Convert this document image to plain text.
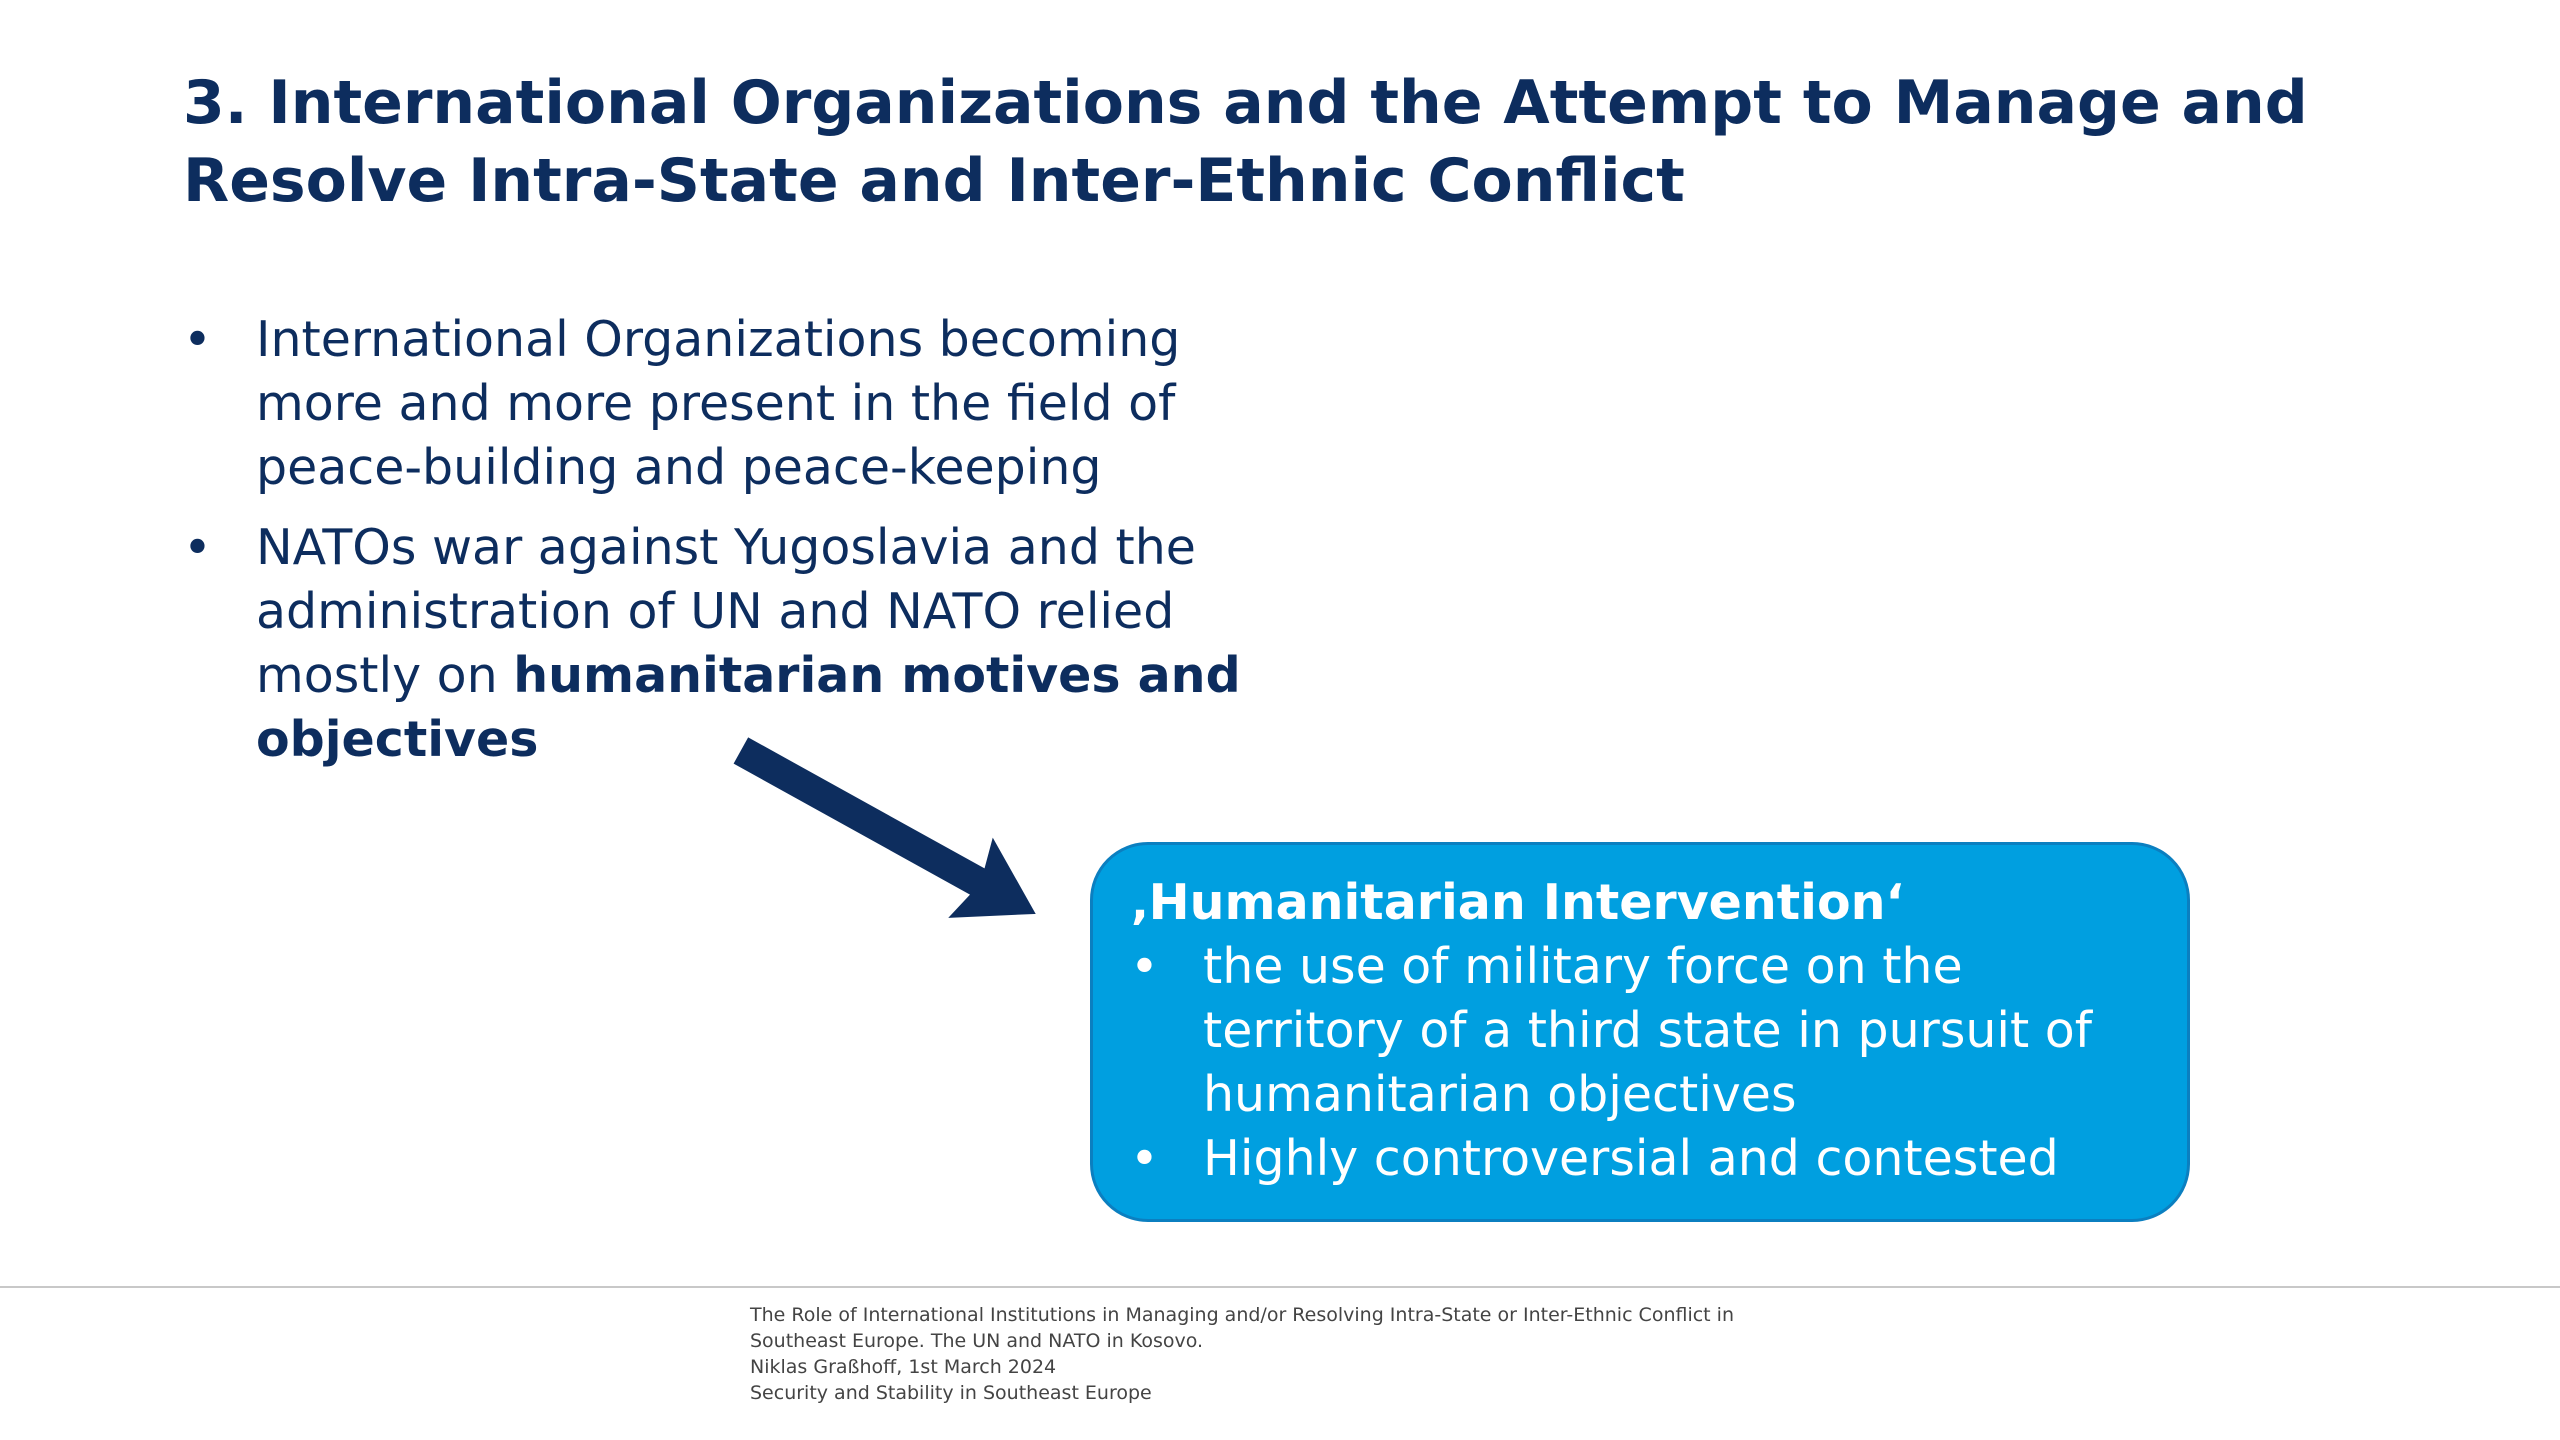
3. International Organizations and the Attempt to Manage and
Resolve Intra-State and Inter-Ethnic Conflict
• International Organizations becoming
more and more present in the field of
peace-building and peace-keeping
• NATOs war against Yugoslavia and the
administration of UN and NATO relied
mostly on humanitarian motives and
objectives
‚Humanitarian Intervention‘
• the use of military force on the
territory of a third state in pursuit of
humanitarian objectives
• Highly controversial and contested
The Role of International Institutions in Managing and/or Resolving Intra-State or Inter-Ethnic Conflict in
Southeast Europe. The UN and NATO in Kosovo.
Niklas Graßhoff, 1st March 2024
Security and Stability in Southeast Europe
